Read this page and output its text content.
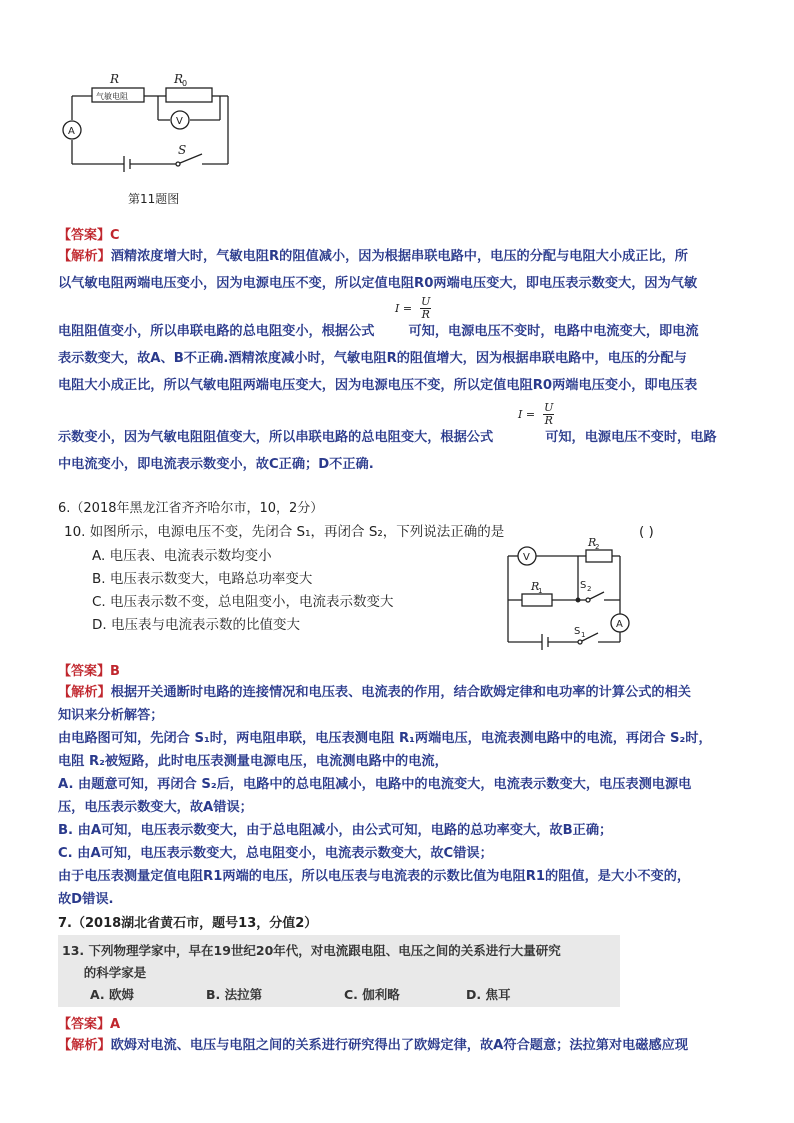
R
气敏电阻
R
0
V
A
S
第11题图
【答案】C
【解析】酒精浓度增大时，气敏电阻R的阻值减小，因为根据串联电路中，电压的分配与电阻大小成正比，所
以气敏电阻两端电压变小，因为电源电压不变，所以定值电阻R0两端电压变大，即电压表示数变大，因为气敏
$I = \frac{U}{R}$
电阻阻值变小，所以串联电路的总电阻变小，根据公式	可知，电源电压不变时，电路中电流变大，即电流
表示数变大，故A、B不正确.酒精浓度减小时，气敏电阻R的阻值增大，因为根据串联电路中，电压的分配与
电阻大小成正比，所以气敏电阻两端电压变大，因为电源电压不变，所以定值电阻R0两端电压变小，即电压表
$I = \frac{U}{R}$
示数变小，因为气敏电阻阻值变大，所以串联电路的总电阻变大，根据公式	可知，电源电压不变时，电路
中电流变小，即电流表示数变小，故C正确；D不正确.
6.（2018年黑龙江省齐齐哈尔市，10，2分）
10. 如图所示，电源电压不变，先闭合 S₁，再闭合 S₂，下列说法正确的是	( )
A. 电压表、电流表示数均变小
B. 电压表示数变大，电路总功率变大
C. 电压表示数不变，总电阻变小，电流表示数变大
D. 电压表与电流表示数的比值变大
V
A
R
2
R
1	S 2
S 1
【答案】B
【解析】根据开关通断时电路的连接情况和电压表、电流表的作用，结合欧姆定律和电功率的计算公式的相关
知识来分析解答；
由电路图可知，先闭合 S₁时，两电阻串联，电压表测电阻 R₁两端电压，电流表测电路中的电流，再闭合 S₂时，
电阻 R₂被短路，此时电压表测量电源电压，电流测电路中的电流，
A. 由题意可知，再闭合 S₂后，电路中的总电阻减小，电路中的电流变大，电流表示数变大，电压表测电源电
压，电压表示数变大，故A错误；
B. 由A可知，电压表示数变大，由于总电阻减小，由公式可知，电路的总功率变大，故B正确；
C. 由A可知，电压表示数变大，总电阻变小，电流表示数变大，故C错误；
由于电压表测量定值电阻R1两端的电压，所以电压表与电流表的示数比值为电阻R1的阻值，是大小不变的，
故D错误.
7.（2018湖北省黄石市，题号13，分值2）
13. 下列物理学家中，早在19世纪20年代，对电流跟电阻、电压之间的关系进行大量研究
的科学家是
A. 欧姆	B. 法拉第	C. 伽利略	D. 焦耳
【答案】A
【解析】欧姆对电流、电压与电阻之间的关系进行研究得出了欧姆定律，故A符合题意；法拉第对电磁感应现
